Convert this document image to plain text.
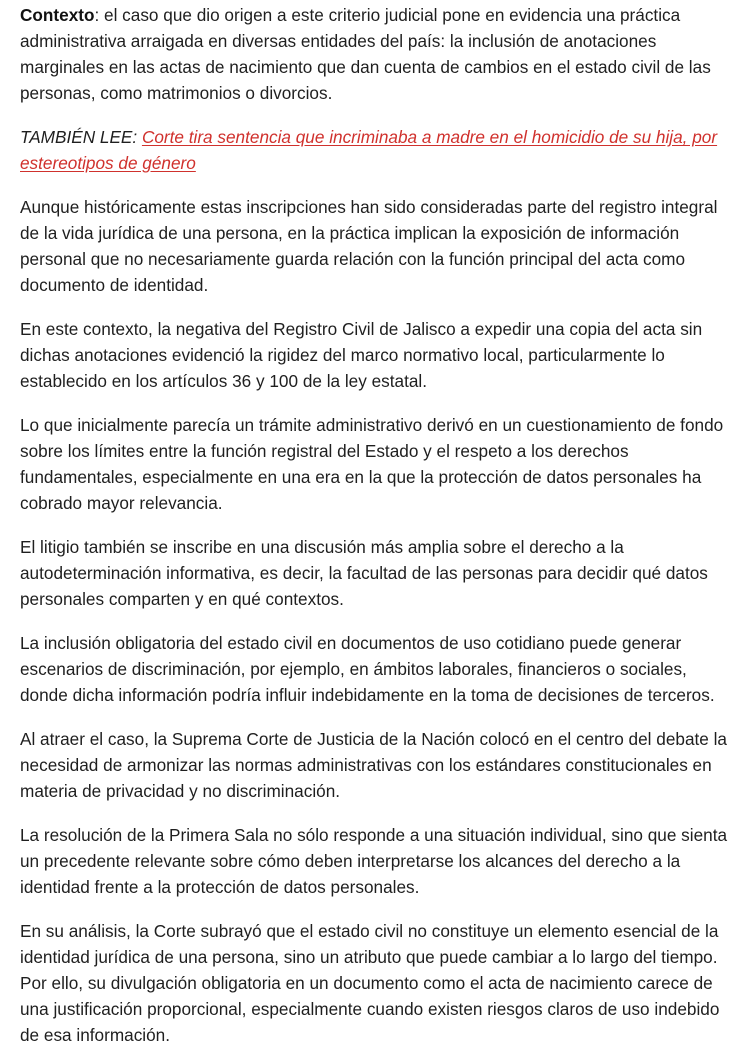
Contexto: el caso que dio origen a este criterio judicial pone en evidencia una práctica administrativa arraigada en diversas entidades del país: la inclusión de anotaciones marginales en las actas de nacimiento que dan cuenta de cambios en el estado civil de las personas, como matrimonios o divorcios.

TAMBIÉN LEE: Corte tira sentencia que incriminaba a madre en el homicidio de su hija, por estereotipos de género

Aunque históricamente estas inscripciones han sido consideradas parte del registro integral de la vida jurídica de una persona, en la práctica implican la exposición de información personal que no necesariamente guarda relación con la función principal del acta como documento de identidad.

En este contexto, la negativa del Registro Civil de Jalisco a expedir una copia del acta sin dichas anotaciones evidenció la rigidez del marco normativo local, particularmente lo establecido en los artículos 36 y 100 de la ley estatal.

Lo que inicialmente parecía un trámite administrativo derivó en un cuestionamiento de fondo sobre los límites entre la función registral del Estado y el respeto a los derechos fundamentales, especialmente en una era en la que la protección de datos personales ha cobrado mayor relevancia.

El litigio también se inscribe en una discusión más amplia sobre el derecho a la autodeterminación informativa, es decir, la facultad de las personas para decidir qué datos personales comparten y en qué contextos.

La inclusión obligatoria del estado civil en documentos de uso cotidiano puede generar escenarios de discriminación, por ejemplo, en ámbitos laborales, financieros o sociales, donde dicha información podría influir indebidamente en la toma de decisiones de terceros.

Al atraer el caso, la Suprema Corte de Justicia de la Nación colocó en el centro del debate la necesidad de armonizar las normas administrativas con los estándares constitucionales en materia de privacidad y no discriminación.

La resolución de la Primera Sala no sólo responde a una situación individual, sino que sienta un precedente relevante sobre cómo deben interpretarse los alcances del derecho a la identidad frente a la protección de datos personales.

En su análisis, la Corte subrayó que el estado civil no constituye un elemento esencial de la identidad jurídica de una persona, sino un atributo que puede cambiar a lo largo del tiempo. Por ello, su divulgación obligatoria en un documento como el acta de nacimiento carece de una justificación proporcional, especialmente cuando existen riesgos claros de uso indebido de esa información.
